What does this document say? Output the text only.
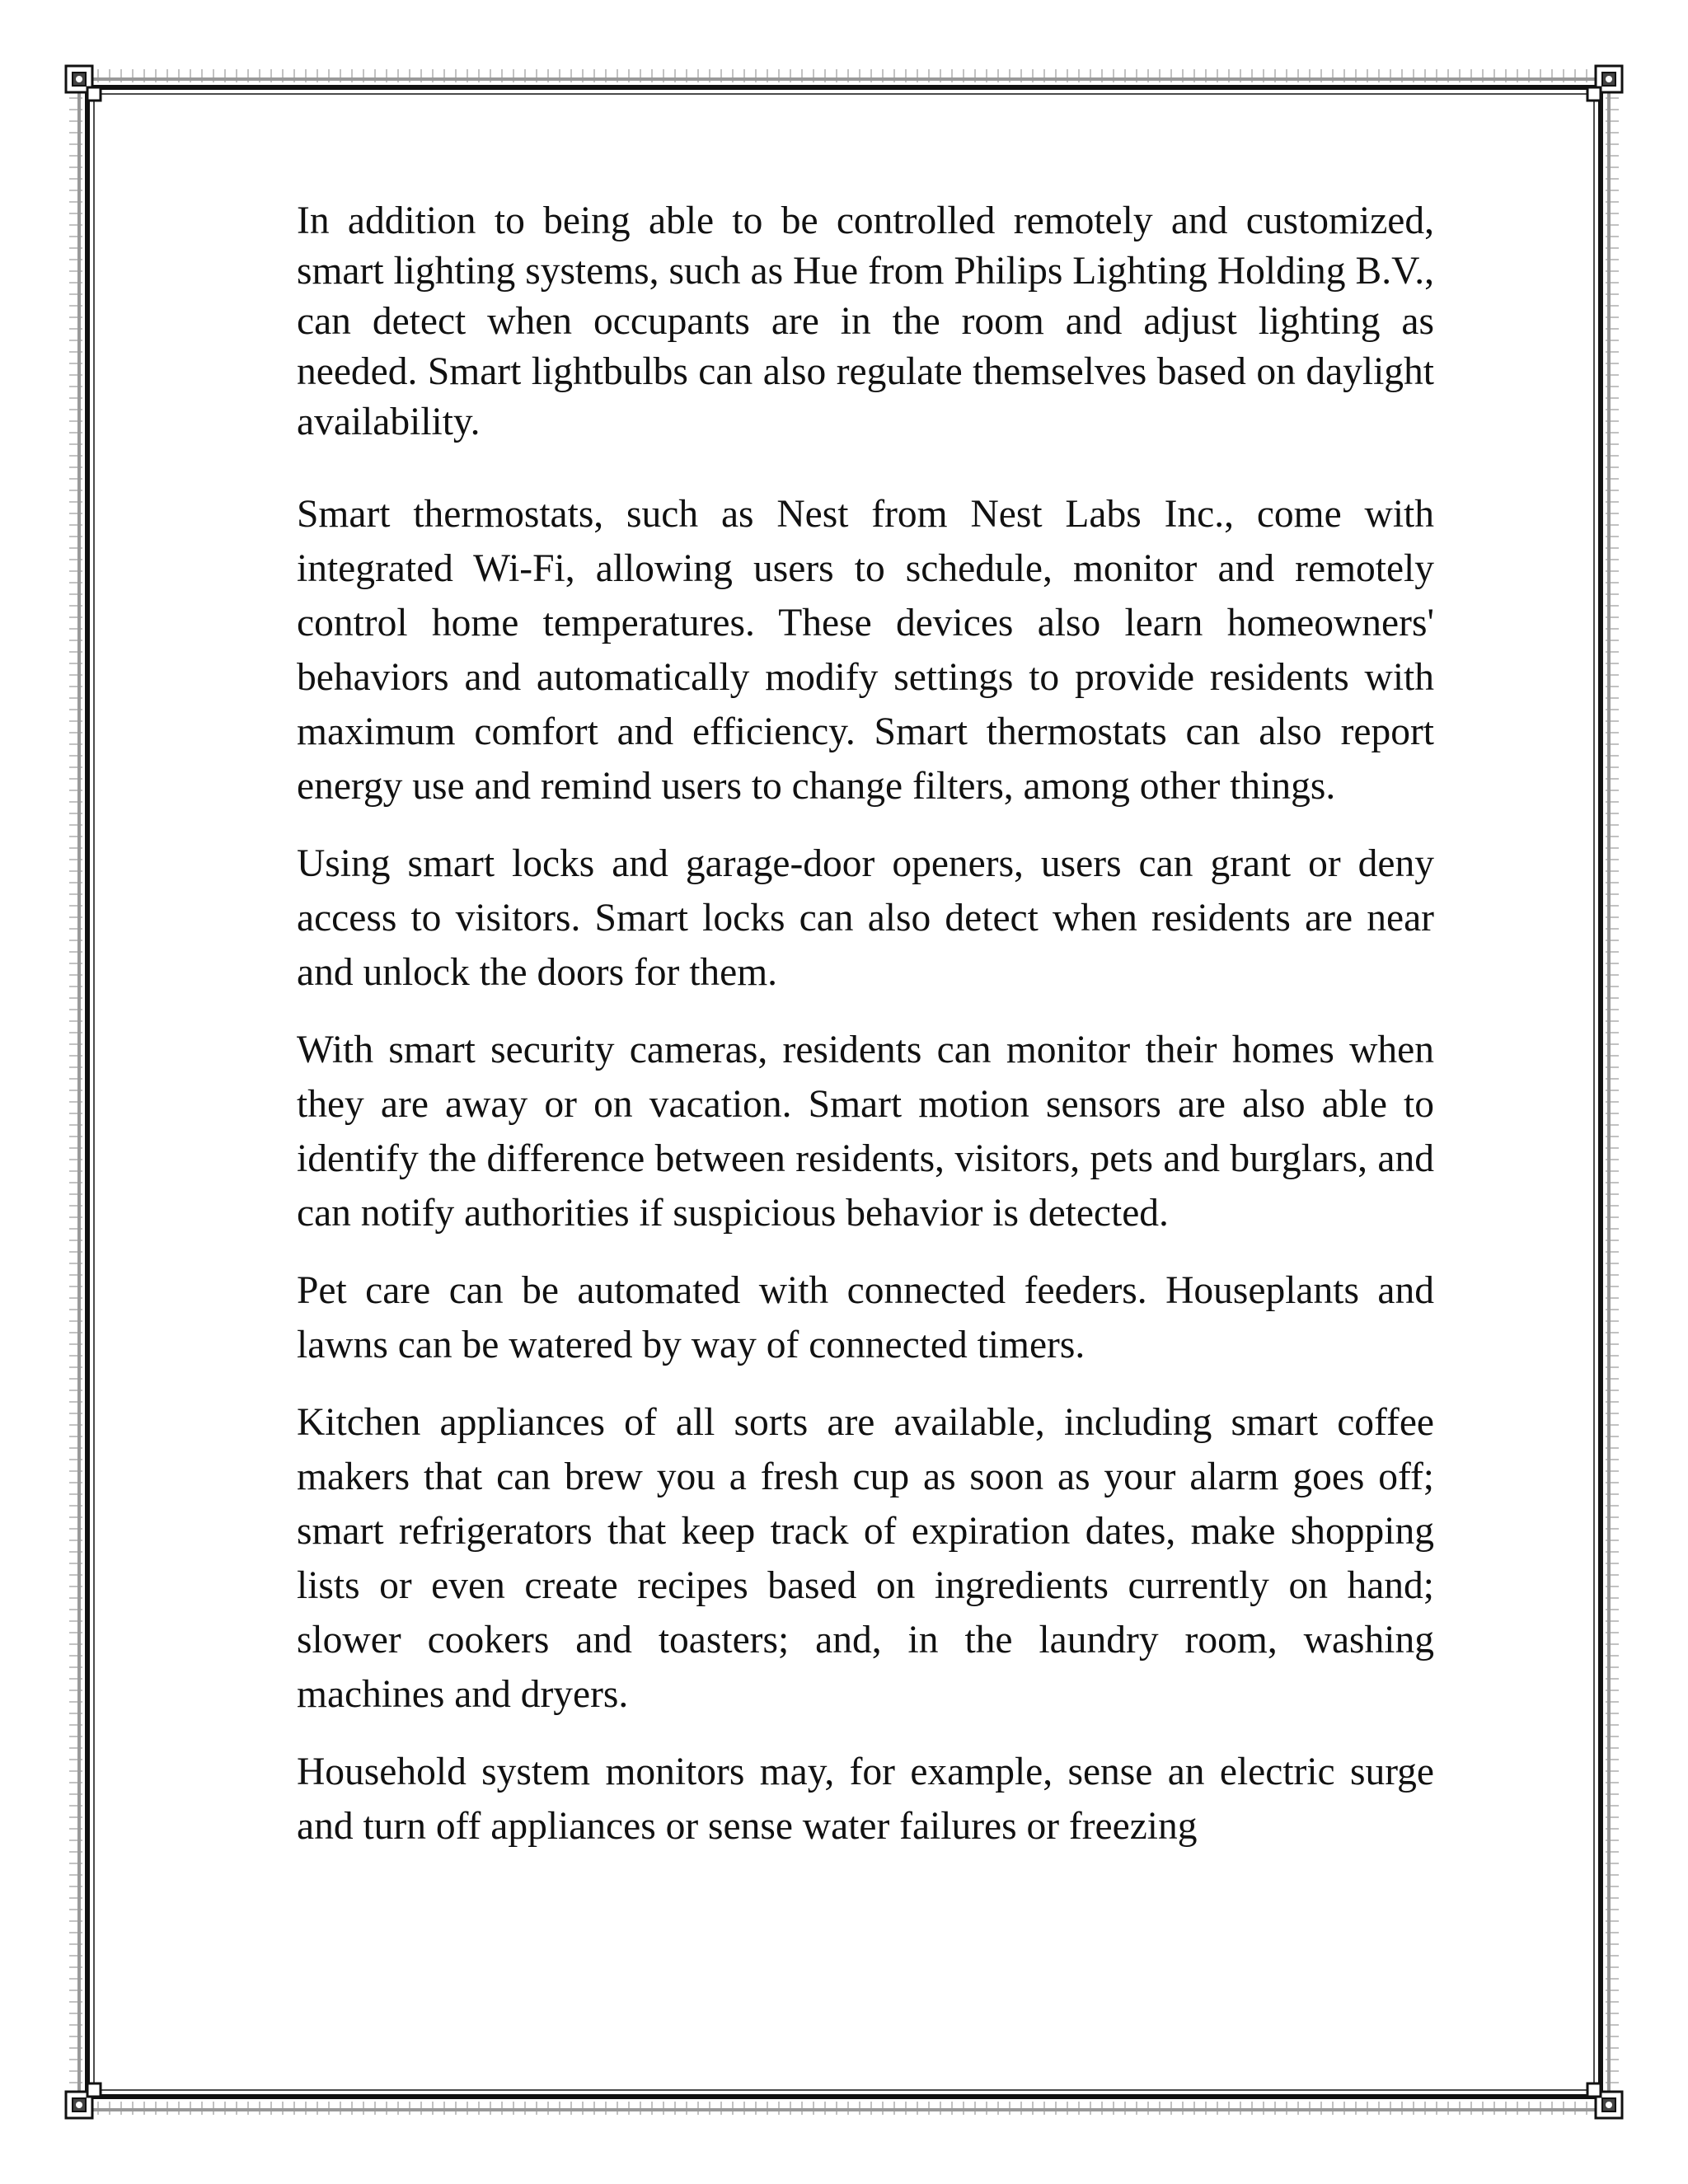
In addition to being able to be controlled remotely and customized, smart lighting systems, such as Hue from Philips Lighting Holding B.V., can detect when occupants are in the room and adjust lighting as needed. Smart lightbulbs can also regulate themselves based on daylight availability.

Smart thermostats, such as Nest from Nest Labs Inc., come with integrated Wi-Fi, allowing users to schedule, monitor and remotely control home temperatures. These devices also learn homeowners' behaviors and automatically modify settings to provide residents with maximum comfort and efficiency. Smart thermostats can also report energy use and remind users to change filters, among other things.

Using smart locks and garage-door openers, users can grant or deny access to visitors. Smart locks can also detect when residents are near and unlock the doors for them.

With smart security cameras, residents can monitor their homes when they are away or on vacation. Smart motion sensors are also able to identify the difference between residents, visitors, pets and burglars, and can notify authorities if suspicious behavior is detected.

Pet care can be automated with connected feeders. Houseplants and lawns can be watered by way of connected timers.

Kitchen appliances of all sorts are available, including smart coffee makers that can brew you a fresh cup as soon as your alarm goes off; smart refrigerators that keep track of expiration dates, make shopping lists or even create recipes based on ingredients currently on hand; slower cookers and toasters; and, in the laundry room, washing machines and dryers.

Household system monitors may, for example, sense an electric surge and turn off appliances or sense water failures or freezing
